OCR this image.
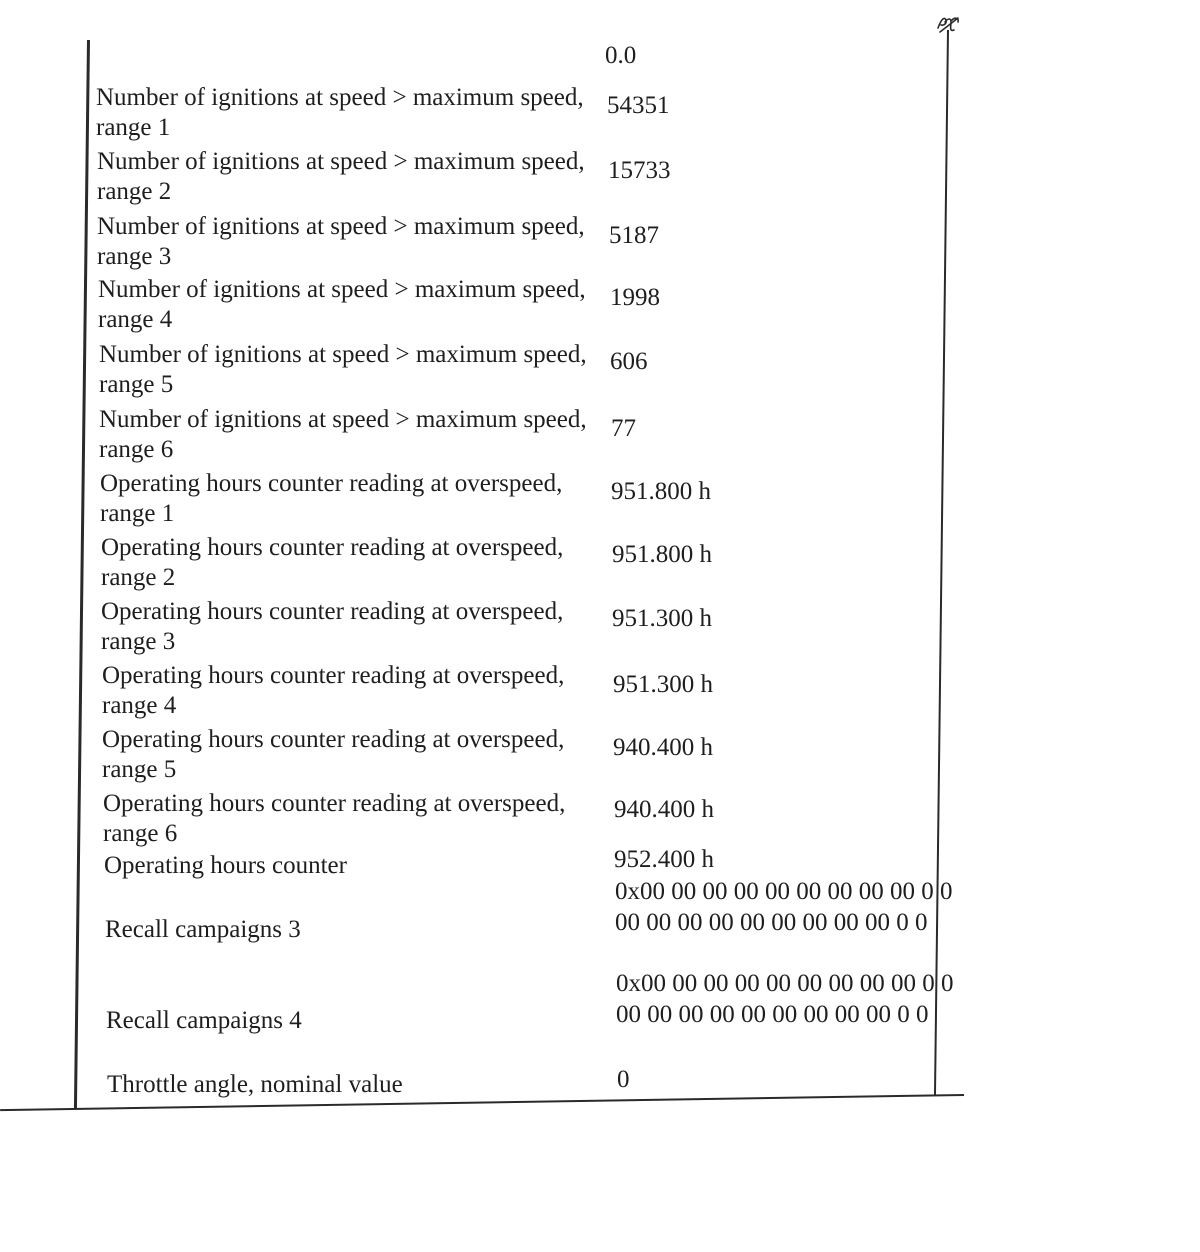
0.0
Number of ignitions at speed > maximum speed, range 1
54351
Number of ignitions at speed > maximum speed, range 2
15733
Number of ignitions at speed > maximum speed, range 3
5187
Number of ignitions at speed > maximum speed, range 4
1998
Number of ignitions at speed > maximum speed, range 5
606
Number of ignitions at speed > maximum speed, range 6
77
Operating hours counter reading at overspeed, range 1
951.800 h
Operating hours counter reading at overspeed, range 2
951.800 h
Operating hours counter reading at overspeed, range 3
951.300 h
Operating hours counter reading at overspeed, range 4
951.300 h
Operating hours counter reading at overspeed, range 5
940.400 h
Operating hours counter reading at overspeed, range 6
940.400 h
Operating hours counter	952.400 h
Recall campaigns 3
0x00 00 00 00 00 00 00 00 00 0 0 00 00 00 00 00 00 00 00 00 0 0
Recall campaigns 4
0x00 00 00 00 00 00 00 00 00 0 0 00 00 00 00 00 00 00 00 00 0 0
Throttle angle, nominal value	0
